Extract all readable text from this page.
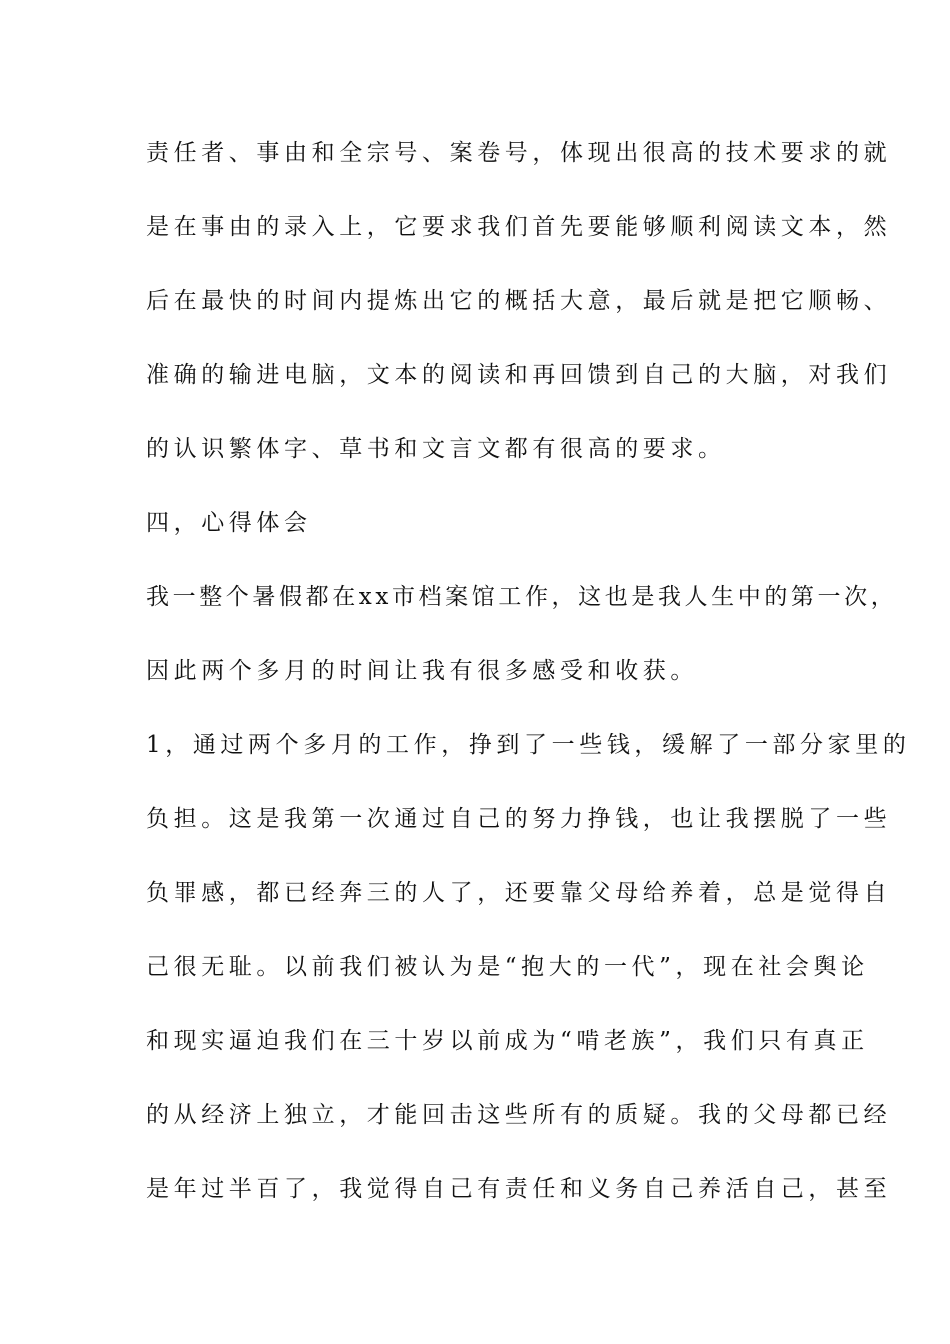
责任者、事由和全宗号、案卷号，体现出很高的技术要求的就
是在事由的录入上，它要求我们首先要能够顺利阅读文本，然
后在最快的时间内提炼出它的概括大意，最后就是把它顺畅、
准确的输进电脑，文本的阅读和再回馈到自己的大脑，对我们
的认识繁体字、草书和文言文都有很高的要求。
四，心得体会
我一整个暑假都在xx市档案馆工作，这也是我人生中的第一次，
因此两个多月的时间让我有很多感受和收获。
1，通过两个多月的工作，挣到了一些钱，缓解了一部分家里的
负担。这是我第一次通过自己的努力挣钱，也让我摆脱了一些
负罪感，都已经奔三的人了，还要靠父母给养着，总是觉得自
己很无耻。以前我们被认为是“抱大的一代”，现在社会舆论
和现实逼迫我们在三十岁以前成为“啃老族”，我们只有真正
的从经济上独立，才能回击这些所有的质疑。我的父母都已经
是年过半百了，我觉得自己有责任和义务自己养活自己，甚至
